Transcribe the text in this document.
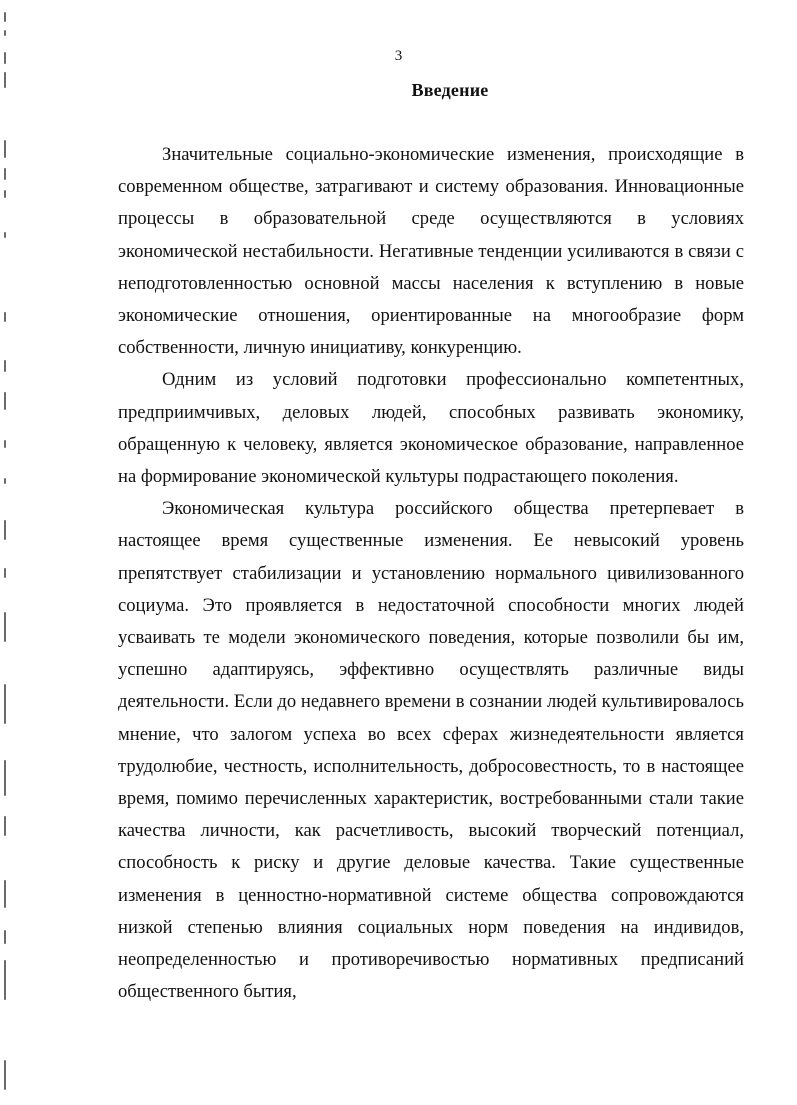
3
Введение

Значительные социально-экономические изменения, происходящие в современном обществе, затрагивают и систему образования. Инновационные процессы в образовательной среде осуществляются в условиях экономической нестабильности. Негативные тенденции усиливаются в связи с неподготовленностью основной массы населения к вступлению в новые экономические отношения, ориентированные на многообразие форм собственности, личную инициативу, конкуренцию.

Одним из условий подготовки профессионально компетентных, предприимчивых, деловых людей, способных развивать экономику, обращенную к человеку, является экономическое образование, направленное на формирование экономической культуры подрастающего поколения.

Экономическая культура российского общества претерпевает в настоящее время существенные изменения. Ее невысокий уровень препятствует стабилизации и установлению нормального цивилизованного социума. Это проявляется в недостаточной способности многих людей усваивать те модели экономического поведения, которые позволили бы им, успешно адаптируясь, эффективно осуществлять различные виды деятельности. Если до недавнего времени в сознании людей культивировалось мнение, что залогом успеха во всех сферах жизнедеятельности является трудолюбие, честность, исполнительность, добросовестность, то в настоящее время, помимо перечисленных характеристик, востребованными стали такие качества личности, как расчетливость, высокий творческий потенциал, способность к риску и другие деловые качества. Такие существенные изменения в ценностно-нормативной системе общества сопровождаются низкой степенью влияния социальных норм поведения на индивидов, неопределенностью и противоречивостью нормативных предписаний общественного бытия,
